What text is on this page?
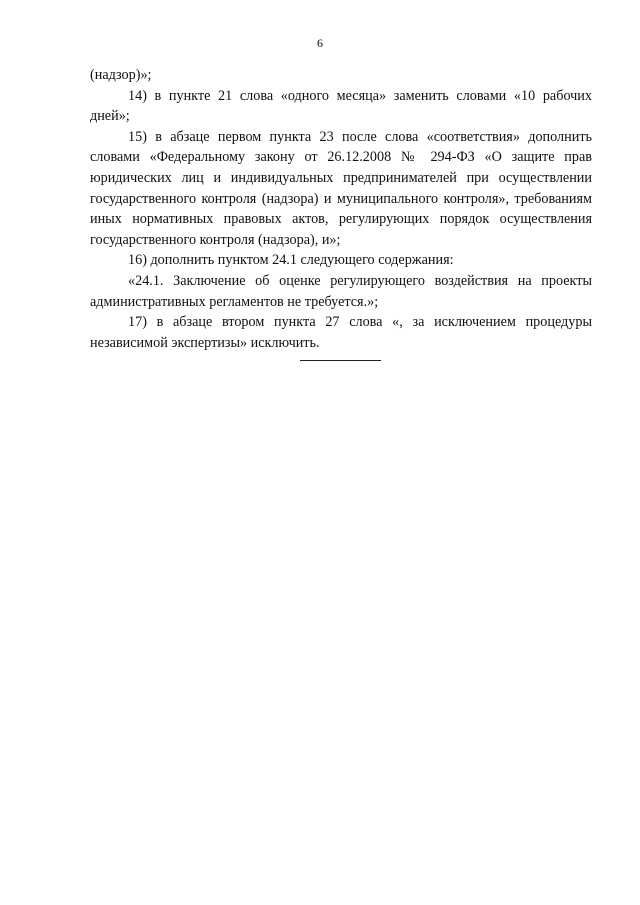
6

(надзор)»;

14) в пункте 21 слова «одного месяца» заменить словами «10 рабочих дней»;

15) в абзаце первом пункта 23 после слова «соответствия» дополнить словами «Федеральному закону от 26.12.2008 № 294-ФЗ «О защите прав юридических лиц и индивидуальных предпринимателей при осуществлении государственного контроля (надзора) и муниципального контроля», требованиям иных нормативных правовых актов, регулирующих порядок осуществления государственного контроля (надзора), и»;

16) дополнить пунктом 24.1 следующего содержания:

«24.1. Заключение об оценке регулирующего воздействия на проекты административных регламентов не требуется.»;

17) в абзаце втором пункта 27 слова «, за исключением процедуры независимой экспертизы» исключить.
